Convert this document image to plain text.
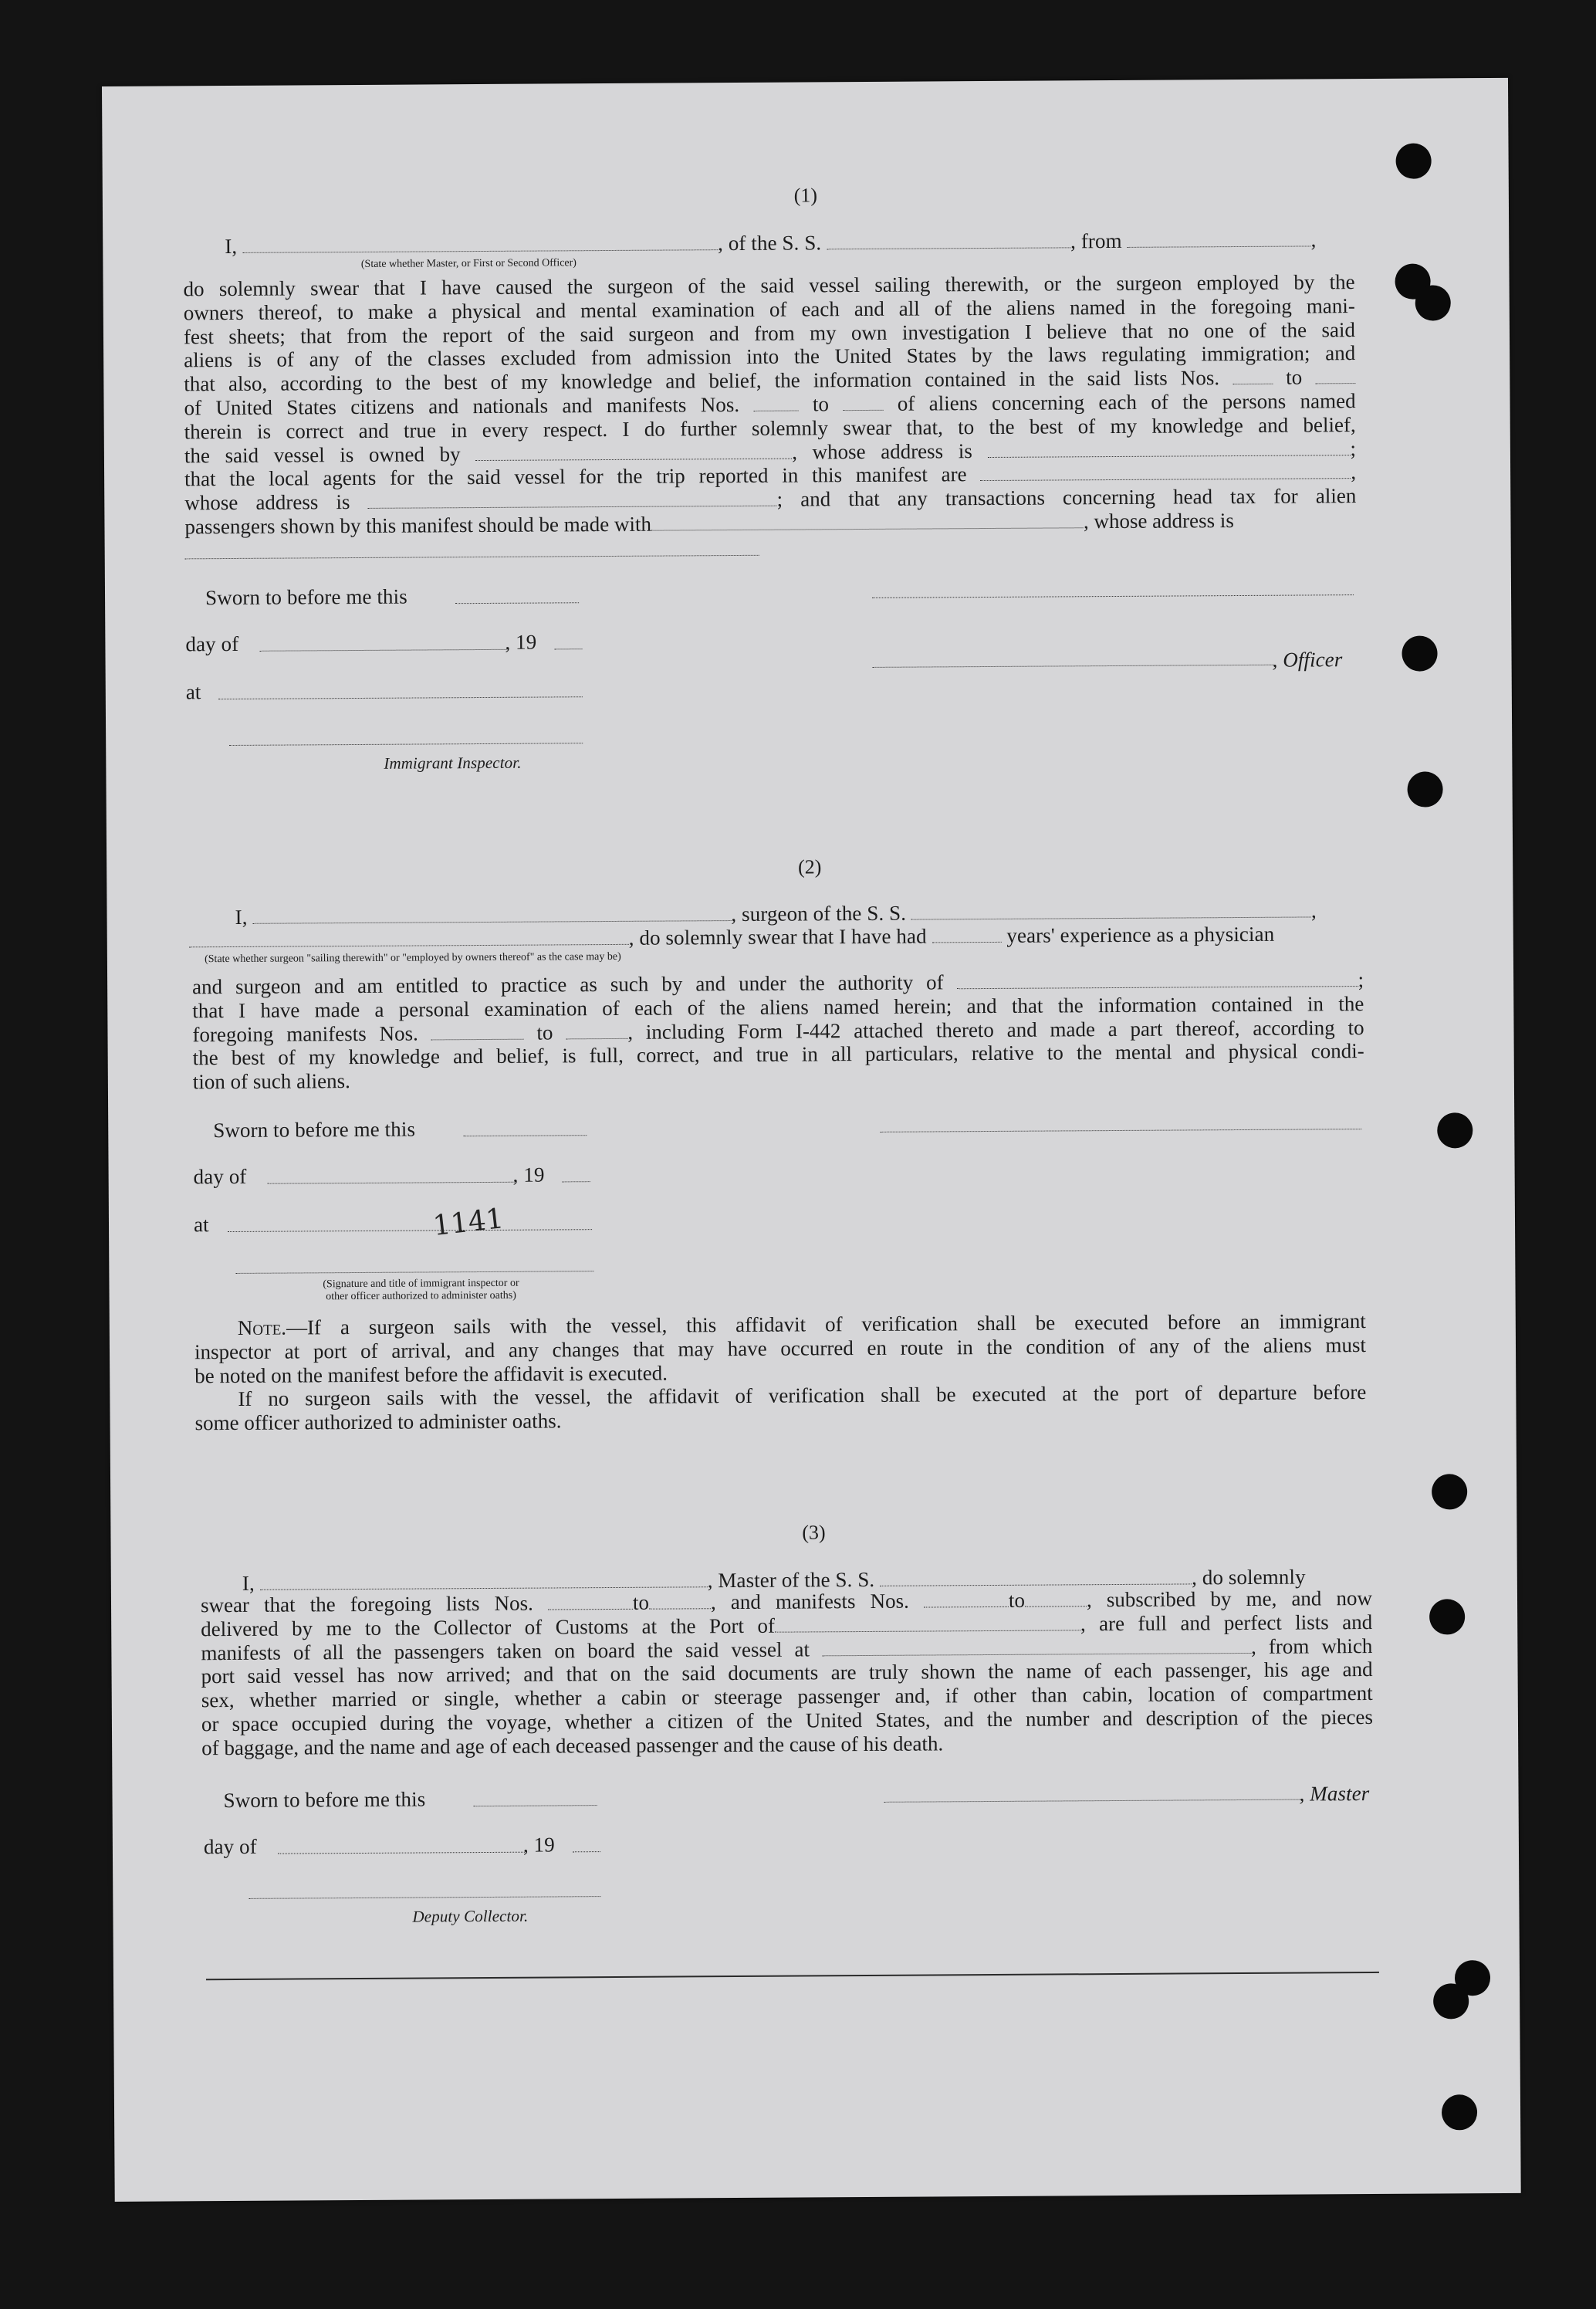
(1)
I,	, of the S. S.	, from	,
(State whether Master, or First or Second Officer)

do solemnly swear that I have caused the surgeon of the said vessel sailing therewith, or the surgeon employed by the

owners thereof, to make a physical and mental examination of each and all of the aliens named in the foregoing mani-

fest sheets; that from the report of the said surgeon and from my own investigation I believe that no one of the said

aliens is of any of the classes excluded from admission into the United States by the laws regulating immigration; and

that also, according to the best of my knowledge and belief, the information contained in the said lists Nos.	to

of United States citizens and nationals and manifests Nos.	to	of aliens concerning each of the persons named

therein is correct and true in every respect. I do further solemnly swear that, to the best of my knowledge and belief,

the said vessel is owned by	, whose address is	;

that the local agents for the said vessel for the trip reported in this manifest are	,

whose address is	; and that any transactions concerning head tax for alien

passengers shown by this manifest should be made with	, whose address is

Sworn to before me this
day of	, 19
, Officer
at
Immigrant Inspector.
(2)
I,	, surgeon of the S. S.	,
, do solemnly swear that I have had	years' experience as a physician
(State whether surgeon "sailing therewith" or "employed by owners thereof" as the case may be)

and surgeon and am entitled to practice as such by and under the authority of	;

that I have made a personal examination of each of the aliens named herein; and that the information contained in the

foregoing manifests Nos.	to	, including Form I-442 attached thereto and made a part thereof, according to

the best of my knowledge and belief, is full, correct, and true in all particulars, relative to the mental and physical condi-

tion of such aliens.

Sworn to before me this
day of	, 19
at	1141
(Signature and title of immigrant inspector or
other officer authorized to administer oaths)

Note.—If a surgeon sails with the vessel, this affidavit of verification shall be executed before an immigrant

inspector at port of arrival, and any changes that may have occurred en route in the condition of any of the aliens must

be noted on the manifest before the affidavit is executed.

If no surgeon sails with the vessel, the affidavit of verification shall be executed at the port of departure before

some officer authorized to administer oaths.

(3)
I,	, Master of the S. S.	, do solemnly

swear that the foregoing lists Nos.	to	, and manifests Nos.	to	, subscribed by me, and now

delivered by me to the Collector of Customs at the Port of	, are full and perfect lists and

manifests of all the passengers taken on board the said vessel at	, from which

port said vessel has now arrived; and that on the said documents are truly shown the name of each passenger, his age and

sex, whether married or single, whether a cabin or steerage passenger and, if other than cabin, location of compartment

or space occupied during the voyage, whether a citizen of the United States, and the number and description of the pieces

of baggage, and the name and age of each deceased passenger and the cause of his death.

Sworn to before me this	, Master
day of	, 19
Deputy Collector.
